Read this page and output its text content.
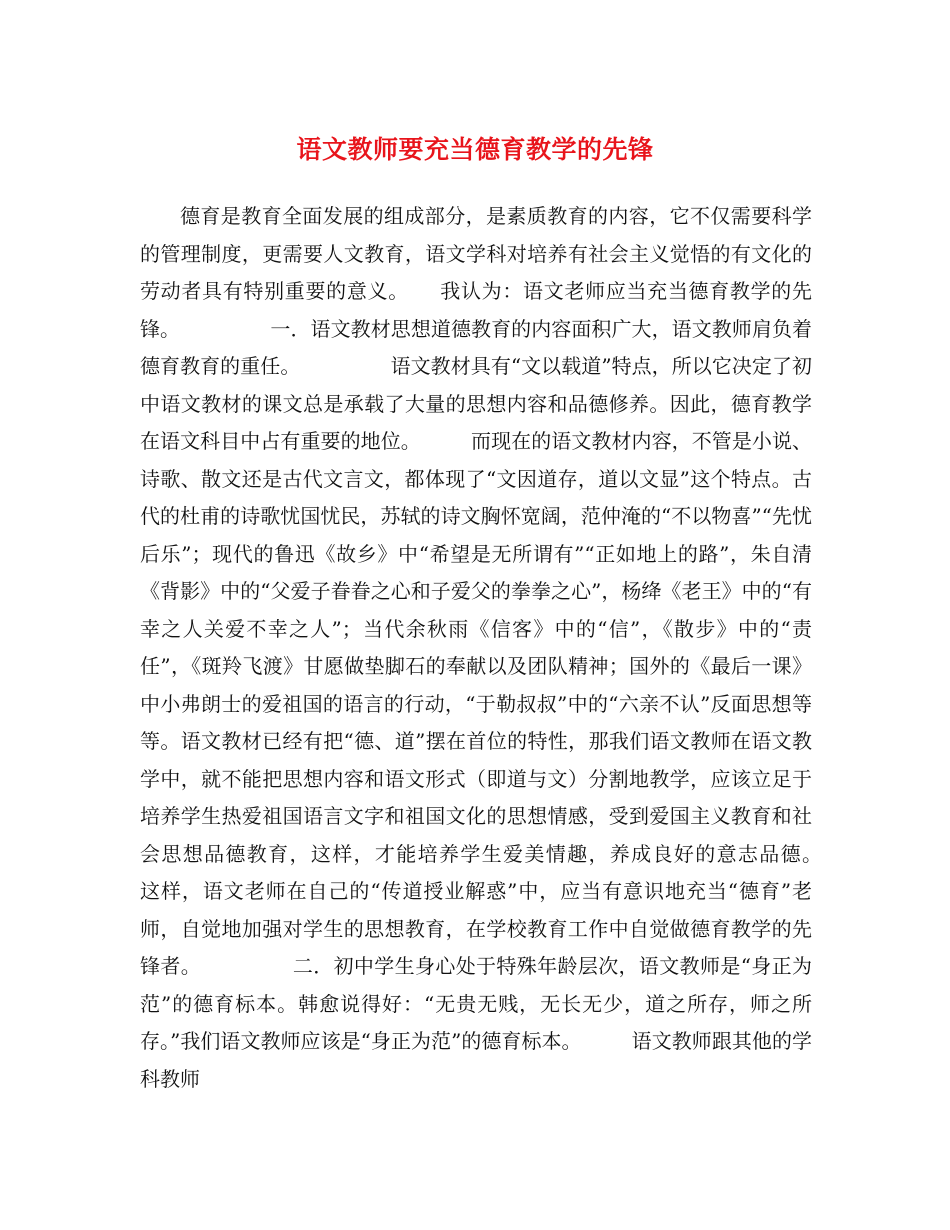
语文教师要充当德育教学的先锋

德育是教育全面发展的组成部分，是素质教育的内容，它不仅需要科学的管理制度，更需要人文教育，语文学科对培养有社会主义觉悟的有文化的劳动者具有特别重要的意义。　　我认为：语文老师应当充当德育教学的先锋。　　　　　一．语文教材思想道德教育的内容面积广大，语文教师肩负着德育教育的重任。　　　　　语文教材具有“文以载道”特点，所以它决定了初中语文教材的课文总是承载了大量的思想内容和品德修养。因此，德育教学在语文科目中占有重要的地位。　　　而现在的语文教材内容，不管是小说、诗歌、散文还是古代文言文，都体现了“文因道存，道以文显”这个特点。古代的杜甫的诗歌忧国忧民，苏轼的诗文胸怀宽阔，范仲淹的“不以物喜”“先忧后乐”；现代的鲁迅《故乡》中“希望是无所谓有”“正如地上的路”，朱自清《背影》中的“父爱子眷眷之心和子爱父的拳拳之心”，杨绛《老王》中的“有幸之人关爱不幸之人”；当代余秋雨《信客》中的“信”，《散步》中的“责任”，《斑羚飞渡》甘愿做垫脚石的奉献以及团队精神；国外的《最后一课》中小弗朗士的爱祖国的语言的行动，“于勒叔叔”中的“六亲不认”反面思想等等。语文教材已经有把“德、道”摆在首位的特性，那我们语文教师在语文教学中，就不能把思想内容和语文形式（即道与文）分割地教学，应该立足于培养学生热爱祖国语言文字和祖国文化的思想情感，受到爱国主义教育和社会思想品德教育，这样，才能培养学生爱美情趣，养成良好的意志品德。　　　这样，语文老师在自己的“传道授业解惑”中，应当有意识地充当“德育”老师，自觉地加强对学生的思想教育，在学校教育工作中自觉做德育教学的先锋者。　　　　　二．初中学生身心处于特殊年龄层次，语文教师是“身正为范”的德育标本。韩愈说得好：“无贵无贱，无长无少，道之所存，师之所存。”我们语文教师应该是“身正为范”的德育标本。　　　语文教师跟其他的学科教师
